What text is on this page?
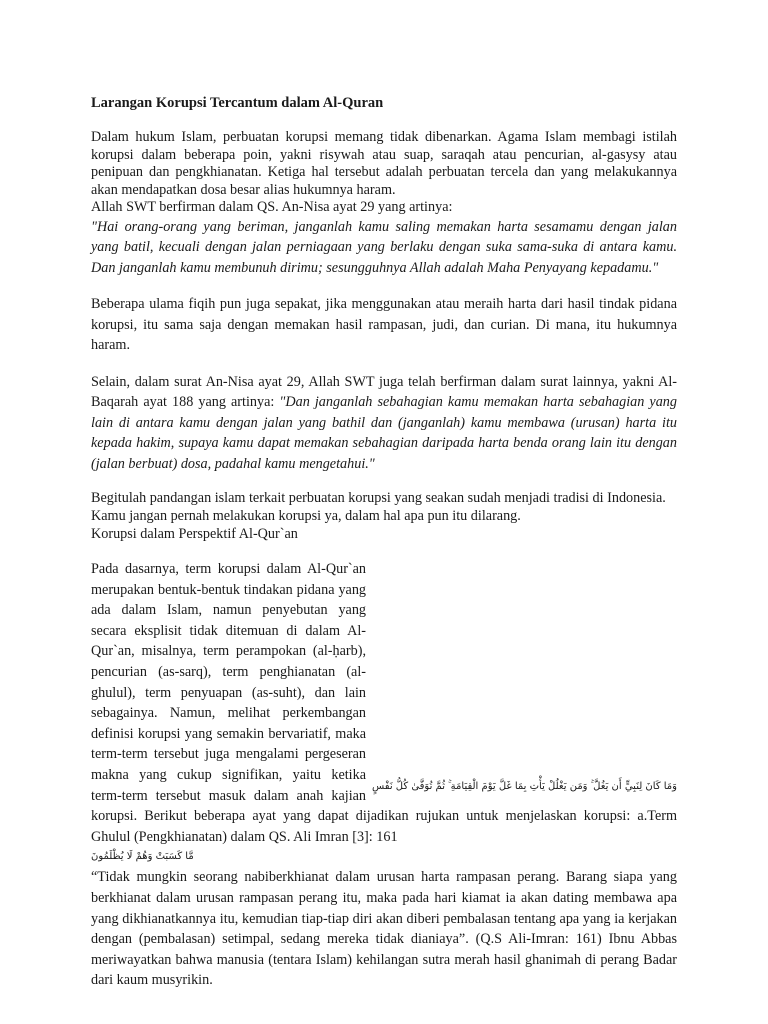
Larangan Korupsi Tercantum dalam Al-Quran

Dalam hukum Islam, perbuatan korupsi memang tidak dibenarkan. Agama Islam membagi istilah korupsi dalam beberapa poin, yakni risywah atau suap, saraqah atau pencurian, al-gasysy atau penipuan dan pengkhianatan. Ketiga hal tersebut adalah perbuatan tercela dan yang melakukannya akan mendapatkan dosa besar alias hukumnya haram.

Allah SWT berfirman dalam QS. An-Nisa ayat 29 yang artinya:

"Hai orang-orang yang beriman, janganlah kamu saling memakan harta sesamamu dengan jalan yang batil, kecuali dengan jalan perniagaan yang berlaku dengan suka sama-suka di antara kamu. Dan janganlah kamu membunuh dirimu; sesungguhnya Allah adalah Maha Penyayang kepadamu."

Beberapa ulama fiqih pun juga sepakat, jika menggunakan atau meraih harta dari hasil tindak pidana korupsi, itu sama saja dengan memakan hasil rampasan, judi, dan curian. Di mana, itu hukumnya haram.

Selain, dalam surat An-Nisa ayat 29, Allah SWT juga telah berfirman dalam surat lainnya, yakni Al-Baqarah ayat 188 yang artinya: "Dan janganlah sebahagian kamu memakan harta sebahagian yang lain di antara kamu dengan jalan yang bathil dan (janganlah) kamu membawa (urusan) harta itu kepada hakim, supaya kamu dapat memakan sebahagian daripada harta benda orang lain itu dengan (jalan berbuat) dosa, padahal kamu mengetahui."

Begitulah pandangan islam terkait perbuatan korupsi yang seakan sudah menjadi tradisi di Indonesia.

Kamu jangan pernah melakukan korupsi ya, dalam hal apa pun itu dilarang.

Korupsi dalam Perspektif Al-Qur`an

وَمَا كَانَ لِنَبِيٍّ أَن يَغُلَّ ۚ وَمَن يَغْلُلْ يَأْتِ بِمَا غَلَّ يَوْمَ الْقِيَامَةِ ۚ ثُمَّ تُوَفَّىٰ كُلُّ نَفْسٍ
Pada dasarnya, term korupsi dalam Al-Qur`an merupakan bentuk-bentuk tindakan pidana yang ada dalam Islam, namun penyebutan yang secara eksplisit tidak ditemuan di dalam Al-Qur`an, misalnya, term perampokan (al-ḥarb), pencurian (as-sarq), term penghianatan (al-ghulul), term penyuapan (as-suht), dan lain sebagainya. Namun, melihat perkembangan definisi korupsi yang semakin bervariatif, maka term-term tersebut juga mengalami pergeseran makna yang cukup signifikan, yaitu ketika term-term tersebut masuk dalam anah kajian korupsi. Berikut beberapa ayat yang dapat dijadikan rujukan untuk menjelaskan korupsi: a.Term Ghulul (Pengkhianatan) dalam QS. Ali Imran [3]: 161

مَّا كَسَبَتْ وَهُمْ لَا يُظْلَمُونَ

“Tidak mungkin seorang nabiberkhianat dalam urusan harta rampasan perang. Barang siapa yang berkhianat dalam urusan rampasan perang itu, maka pada hari kiamat ia akan dating membawa apa yang dikhianatkannya itu, kemudian tiap-tiap diri akan diberi pembalasan tentang apa yang ia kerjakan dengan (pembalasan) setimpal, sedang mereka tidak dianiaya”. (Q.S Ali-Imran: 161) Ibnu Abbas meriwayatkan bahwa manusia (tentara Islam) kehilangan sutra merah hasil ghanimah di perang Badar dari kaum musyrikin.
